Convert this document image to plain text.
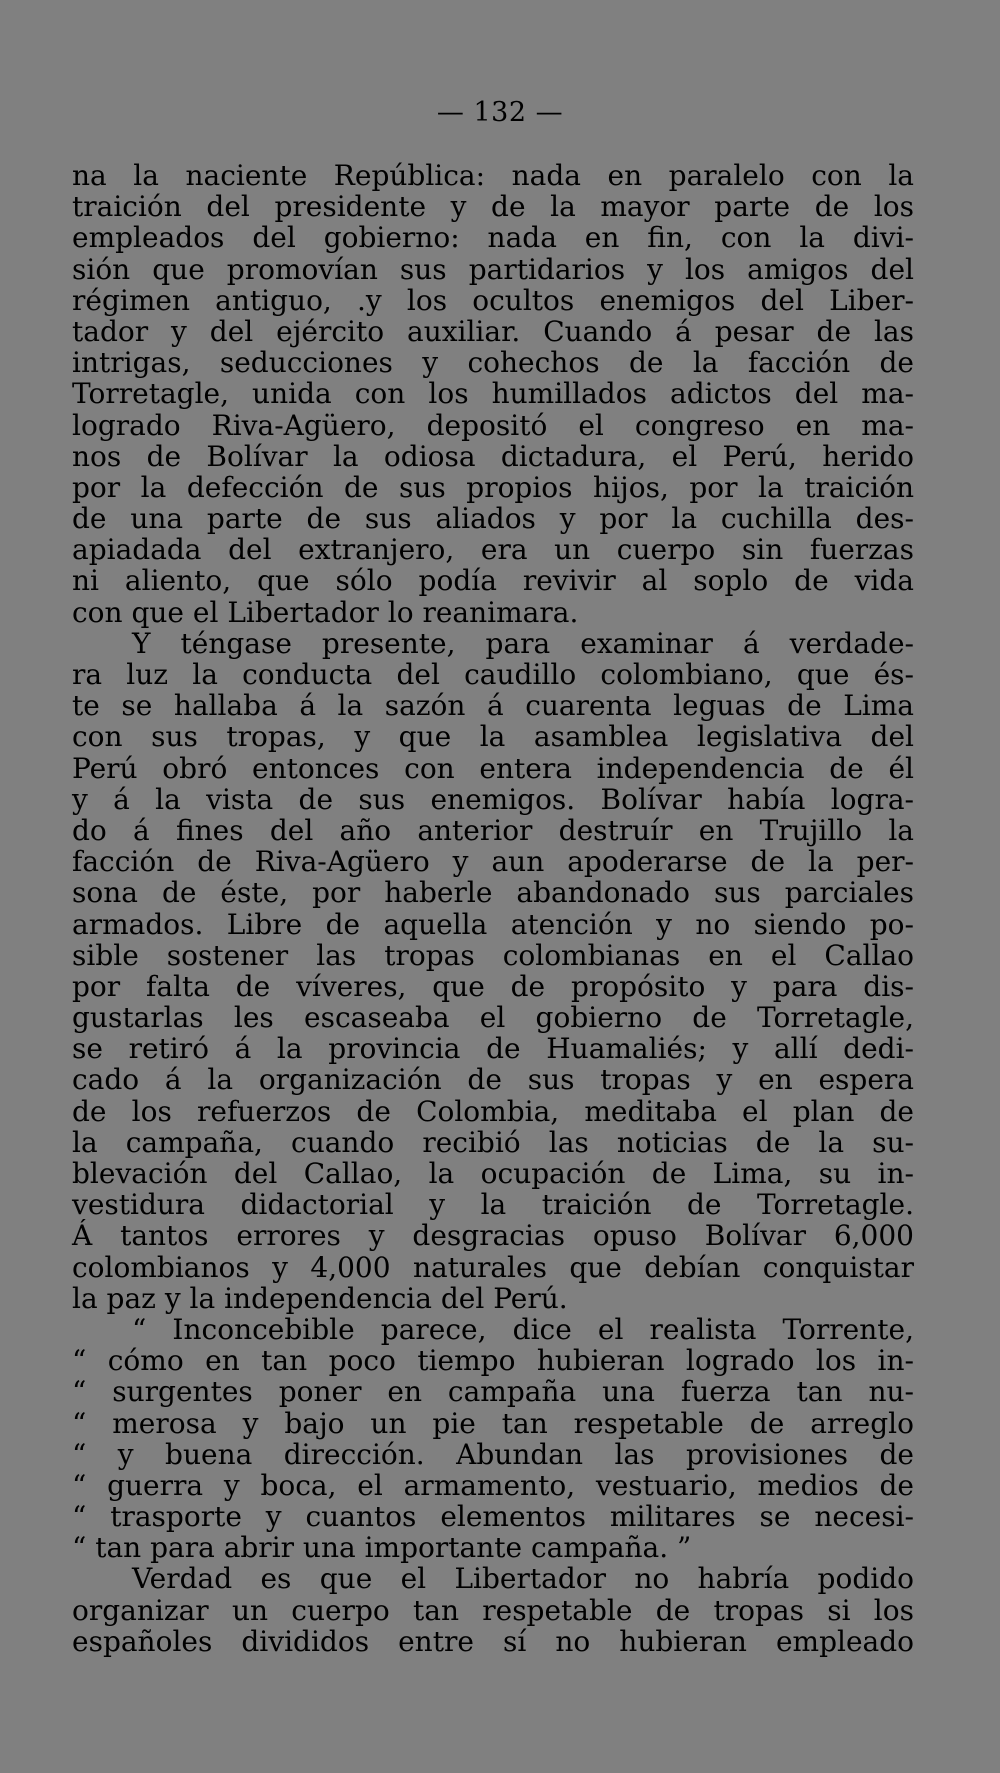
— 132 —
na la naciente República: nada en paralelo con la
traición del presidente y de la mayor parte de los
empleados del gobierno: nada en fin, con la divi-
sión que promovían sus partidarios y los amigos del
régimen antiguo, .y los ocultos enemigos del Liber-
tador y del ejército auxiliar. Cuando á pesar de las
intrigas, seducciones y cohechos de la facción de
Torretagle, unida con los humillados adictos del ma-
logrado Riva-Agüero, depositó el congreso en ma-
nos de Bolívar la odiosa dictadura, el Perú, herido
por la defección de sus propios hijos, por la traición
de una parte de sus aliados y por la cuchilla des-
apiadada del extranjero, era un cuerpo sin fuerzas
ni aliento, que sólo podía revivir al soplo de vida
con que el Libertador lo reanimara.
Y téngase presente, para examinar á verdade-
ra luz la conducta del caudillo colombiano, que és-
te se hallaba á la sazón á cuarenta leguas de Lima
con sus tropas, y que la asamblea legislativa del
Perú obró entonces con entera independencia de él
y á la vista de sus enemigos. Bolívar había logra-
do á fines del año anterior destruír en Trujillo la
facción de Riva-Agüero y aun apoderarse de la per-
sona de éste, por haberle abandonado sus parciales
armados. Libre de aquella atención y no siendo po-
sible sostener las tropas colombianas en el Callao
por falta de víveres, que de propósito y para dis-
gustarlas les escaseaba el gobierno de Torretagle,
se retiró á la provincia de Huamaliés; y allí dedi-
cado á la organización de sus tropas y en espera
de los refuerzos de Colombia, meditaba el plan de
la campaña, cuando recibió las noticias de la su-
blevación del Callao, la ocupación de Lima, su in-
vestidura didactorial y la traición de Torretagle.
Á tantos errores y desgracias opuso Bolívar 6,000
colombianos y 4,000 naturales que debían conquistar
la paz y la independencia del Perú.
“ Inconcebible parece, dice el realista Torrente,
“ cómo en tan poco tiempo hubieran logrado los in-
“ surgentes poner en campaña una fuerza tan nu-
“ merosa y bajo un pie tan respetable de arreglo
“ y buena dirección. Abundan las provisiones de
“ guerra y boca, el armamento, vestuario, medios de
“ trasporte y cuantos elementos militares se necesi-
“ tan para abrir una importante campaña. ”
Verdad es que el Libertador no habría podido
organizar un cuerpo tan respetable de tropas si los
españoles divididos entre sí no hubieran empleado
